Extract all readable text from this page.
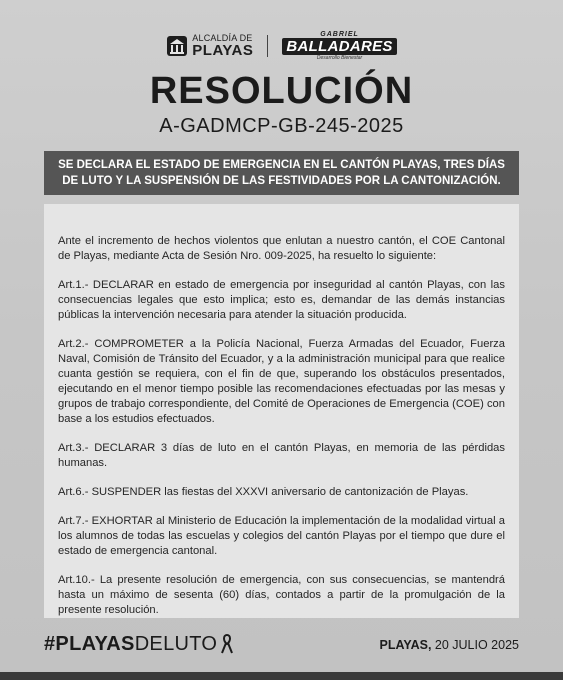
ALCALDÍA DE
PLAYAS
GABRIEL
BALLADARES
Desarrollo Bienestar
RESOLUCIÓN
A-GADMCP-GB-245-2025
SE DECLARA EL ESTADO DE EMERGENCIA EN EL CANTÓN PLAYAS, TRES DÍAS DE LUTO Y LA SUSPENSIÓN DE LAS FESTIVIDADES POR LA CANTONIZACIÓN.

Ante el incremento de hechos violentos que enlutan a nuestro cantón, el COE Cantonal de Playas, mediante Acta de Sesión Nro. 009-2025, ha resuelto lo siguiente:

Art.1.- DECLARAR en estado de emergencia por inseguridad al cantón Playas, con las consecuencias legales que esto implica; esto es, demandar de las demás instancias públicas la intervención necesaria para atender la situación producida.

Art.2.- COMPROMETER a la Policía Nacional, Fuerza Armadas del Ecuador, Fuerza Naval, Comisión de Tránsito del Ecuador, y a la administración municipal para que realice cuanta gestión se requiera, con el fin de que, superando los obstáculos presentados, ejecutando en el menor tiempo posible las recomendaciones efectuadas por las mesas y grupos de trabajo correspondiente, del Comité de Operaciones de Emergencia (COE) con base a los estudios efectuados.

Art.3.- DECLARAR 3 días de luto en el cantón Playas, en memoria de las pérdidas humanas.

Art.6.- SUSPENDER las fiestas del XXXVI aniversario de cantonización de Playas.

Art.7.- EXHORTAR al Ministerio de Educación la implementación de la modalidad virtual a los alumnos de todas las escuelas y colegios del cantón Playas por el tiempo que dure el estado de emergencia cantonal.

Art.10.- La presente resolución de emergencia, con sus consecuencias, se mantendrá hasta un máximo de sesenta (60) días, contados a partir de la promulgación de la presente resolución.

#PLAYASDELUTO	PLAYAS, 20 JULIO 2025
